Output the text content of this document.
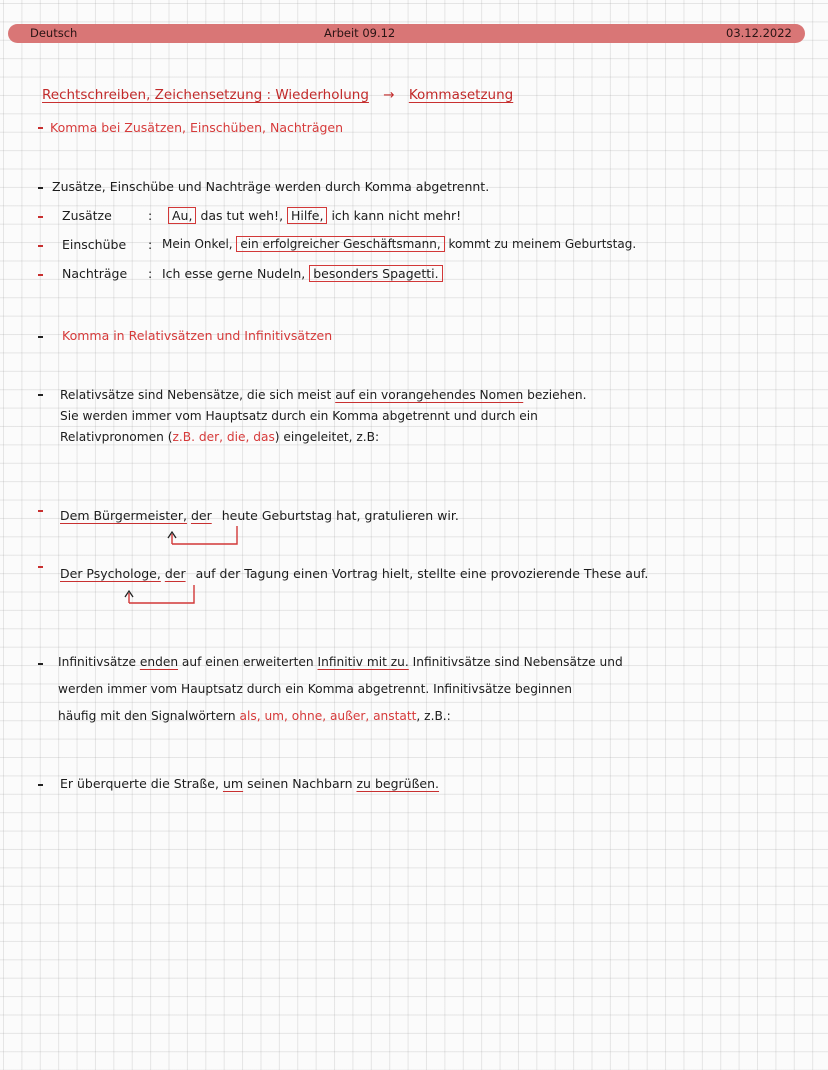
Deutsch	Arbeit 09.12	03.12.2022
Rechtschreiben, Zeichensetzung : Wiederholung → Kommasetzung
Komma bei Zusätzen, Einschüben, Nachträgen
Zusätze, Einschübe und Nachträge werden durch Komma abgetrennt.
Zusätze	:	Au, das tut weh!, Hilfe, ich kann nicht mehr!
Einschübe : Mein Onkel, ein erfolgreicher Geschäftsmann, kommt zu meinem Geburtstag.
Nachträge : Ich esse gerne Nudeln, besonders Spagetti.
Komma in Relativsätzen und Infinitivsätzen
Relativsätze sind Nebensätze, die sich meist auf ein vorangehendes Nomen beziehen.
Sie werden immer vom Hauptsatz durch ein Komma abgetrennt und durch ein
Relativpronomen (z.B. der, die, das) eingeleitet, z.B:
Dem Bürgermeister, der heute Geburtstag hat, gratulieren wir.
Der Psychologe, der auf der Tagung einen Vortrag hielt, stellte eine provozierende These auf.
Infinitivsätze enden auf einen erweiterten Infinitiv mit zu. Infinitivsätze sind Nebensätze und
werden immer vom Hauptsatz durch ein Komma abgetrennt. Infinitivsätze beginnen
häufig mit den Signalwörtern als, um, ohne, außer, anstatt, z.B.:
Er überquerte die Straße, um seinen Nachbarn zu begrüßen.
